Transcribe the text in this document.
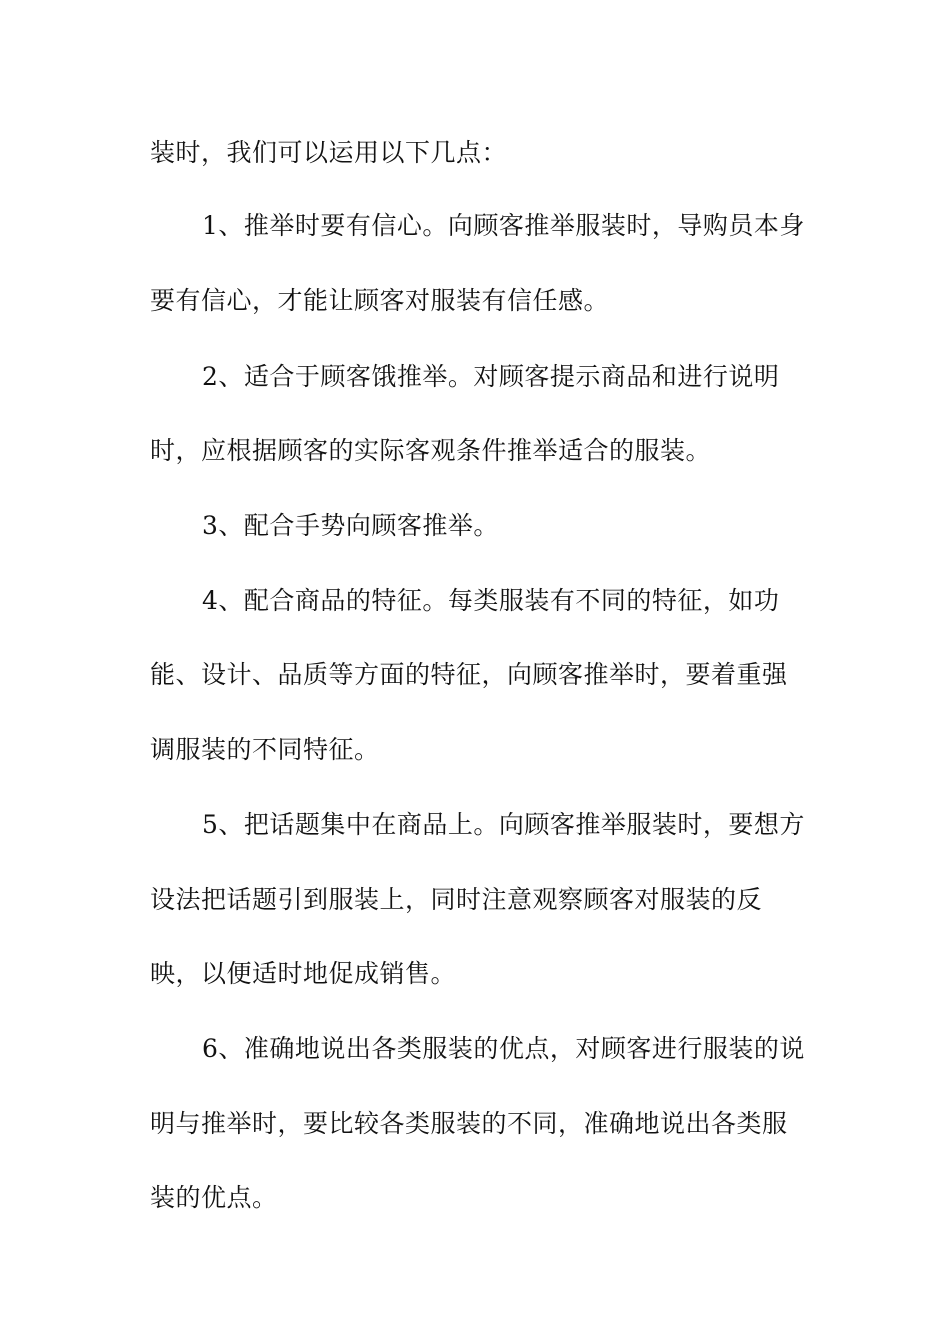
装时，我们可以运用以下几点：
1、推举时要有信心。向顾客推举服装时，导购员本身
要有信心，才能让顾客对服装有信任感。
2、适合于顾客饿推举。对顾客提示商品和进行说明
时，应根据顾客的实际客观条件推举适合的服装。
3、配合手势向顾客推举。
4、配合商品的特征。每类服装有不同的特征，如功
能、设计、品质等方面的特征，向顾客推举时，要着重强
调服装的不同特征。
5、把话题集中在商品上。向顾客推举服装时，要想方
设法把话题引到服装上，同时注意观察顾客对服装的反
映，以便适时地促成销售。
6、准确地说出各类服装的优点，对顾客进行服装的说
明与推举时，要比较各类服装的不同，准确地说出各类服
装的优点。
